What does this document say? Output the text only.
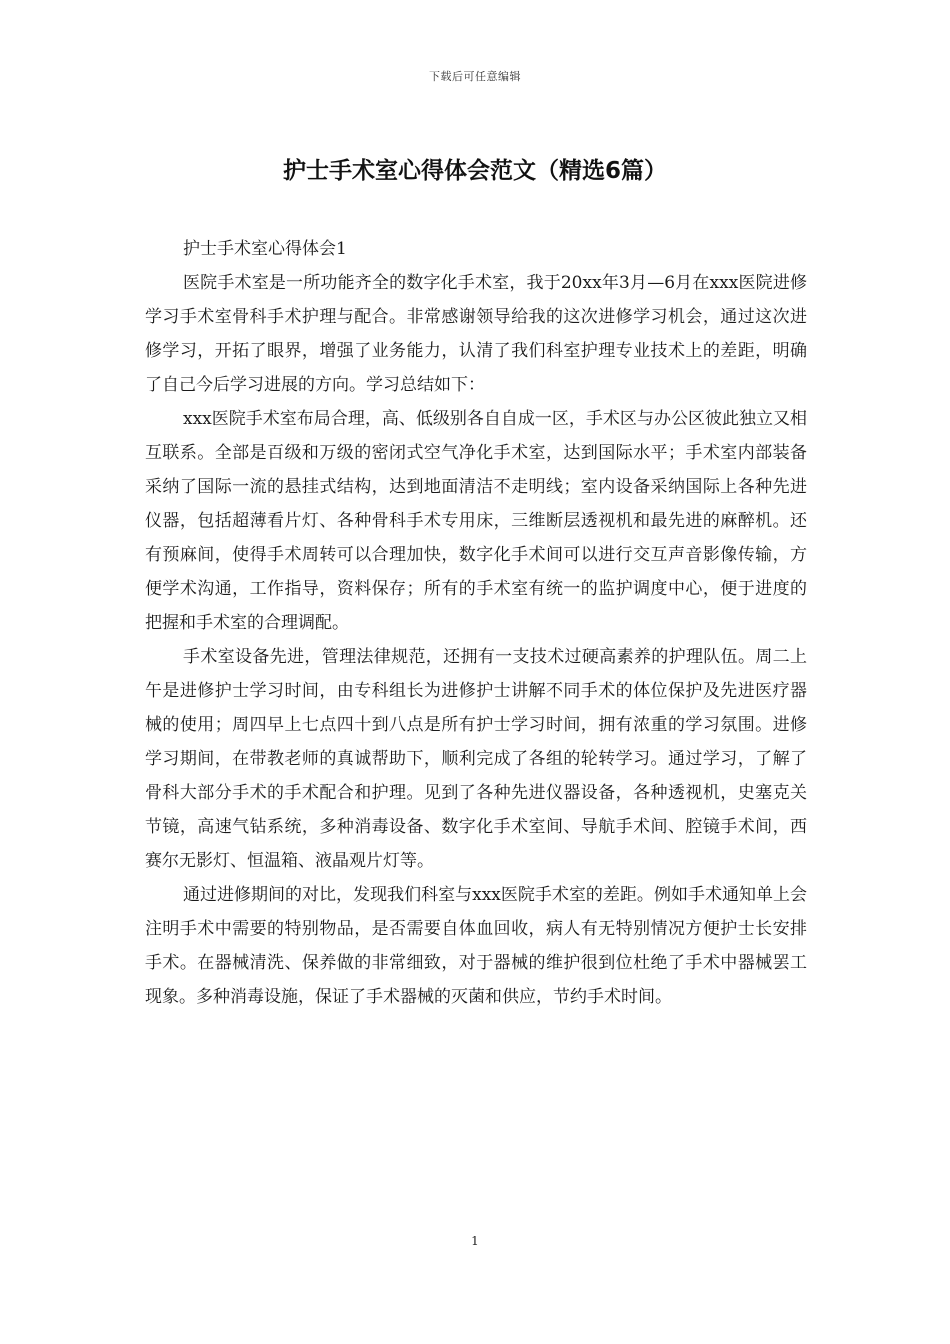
下载后可任意编辑
护士手术室心得体会范文（精选6篇）

护士手术室心得体会1

医院手术室是一所功能齐全的数字化手术室，我于20xx年3月—6月在xxx医院进修学习手术室骨科手术护理与配合。非常感谢领导给我的这次进修学习机会，通过这次进修学习，开拓了眼界，增强了业务能力，认清了我们科室护理专业技术上的差距，明确了自己今后学习进展的方向。学习总结如下：

xxx医院手术室布局合理，高、低级别各自自成一区，手术区与办公区彼此独立又相互联系。全部是百级和万级的密闭式空气净化手术室，达到国际水平；手术室内部装备采纳了国际一流的悬挂式结构，达到地面清洁不走明线；室内设备采纳国际上各种先进仪器，包括超薄看片灯、各种骨科手术专用床，三维断层透视机和最先进的麻醉机。还有预麻间，使得手术周转可以合理加快，数字化手术间可以进行交互声音影像传输，方便学术沟通，工作指导，资料保存；所有的手术室有统一的监护调度中心，便于进度的把握和手术室的合理调配。

手术室设备先进，管理法律规范，还拥有一支技术过硬高素养的护理队伍。周二上午是进修护士学习时间，由专科组长为进修护士讲解不同手术的体位保护及先进医疗器械的使用；周四早上七点四十到八点是所有护士学习时间，拥有浓重的学习氛围。进修学习期间，在带教老师的真诚帮助下，顺利完成了各组的轮转学习。通过学习，了解了骨科大部分手术的手术配合和护理。见到了各种先进仪器设备，各种透视机，史塞克关节镜，高速气钻系统，多种消毒设备、数字化手术室间、导航手术间、腔镜手术间，西赛尔无影灯、恒温箱、液晶观片灯等。

通过进修期间的对比，发现我们科室与xxx医院手术室的差距。例如手术通知单上会注明手术中需要的特别物品，是否需要自体血回收，病人有无特别情况方便护士长安排手术。在器械清洗、保养做的非常细致，对于器械的维护很到位杜绝了手术中器械罢工现象。多种消毒设施，保证了手术器械的灭菌和供应，节约手术时间。

1
